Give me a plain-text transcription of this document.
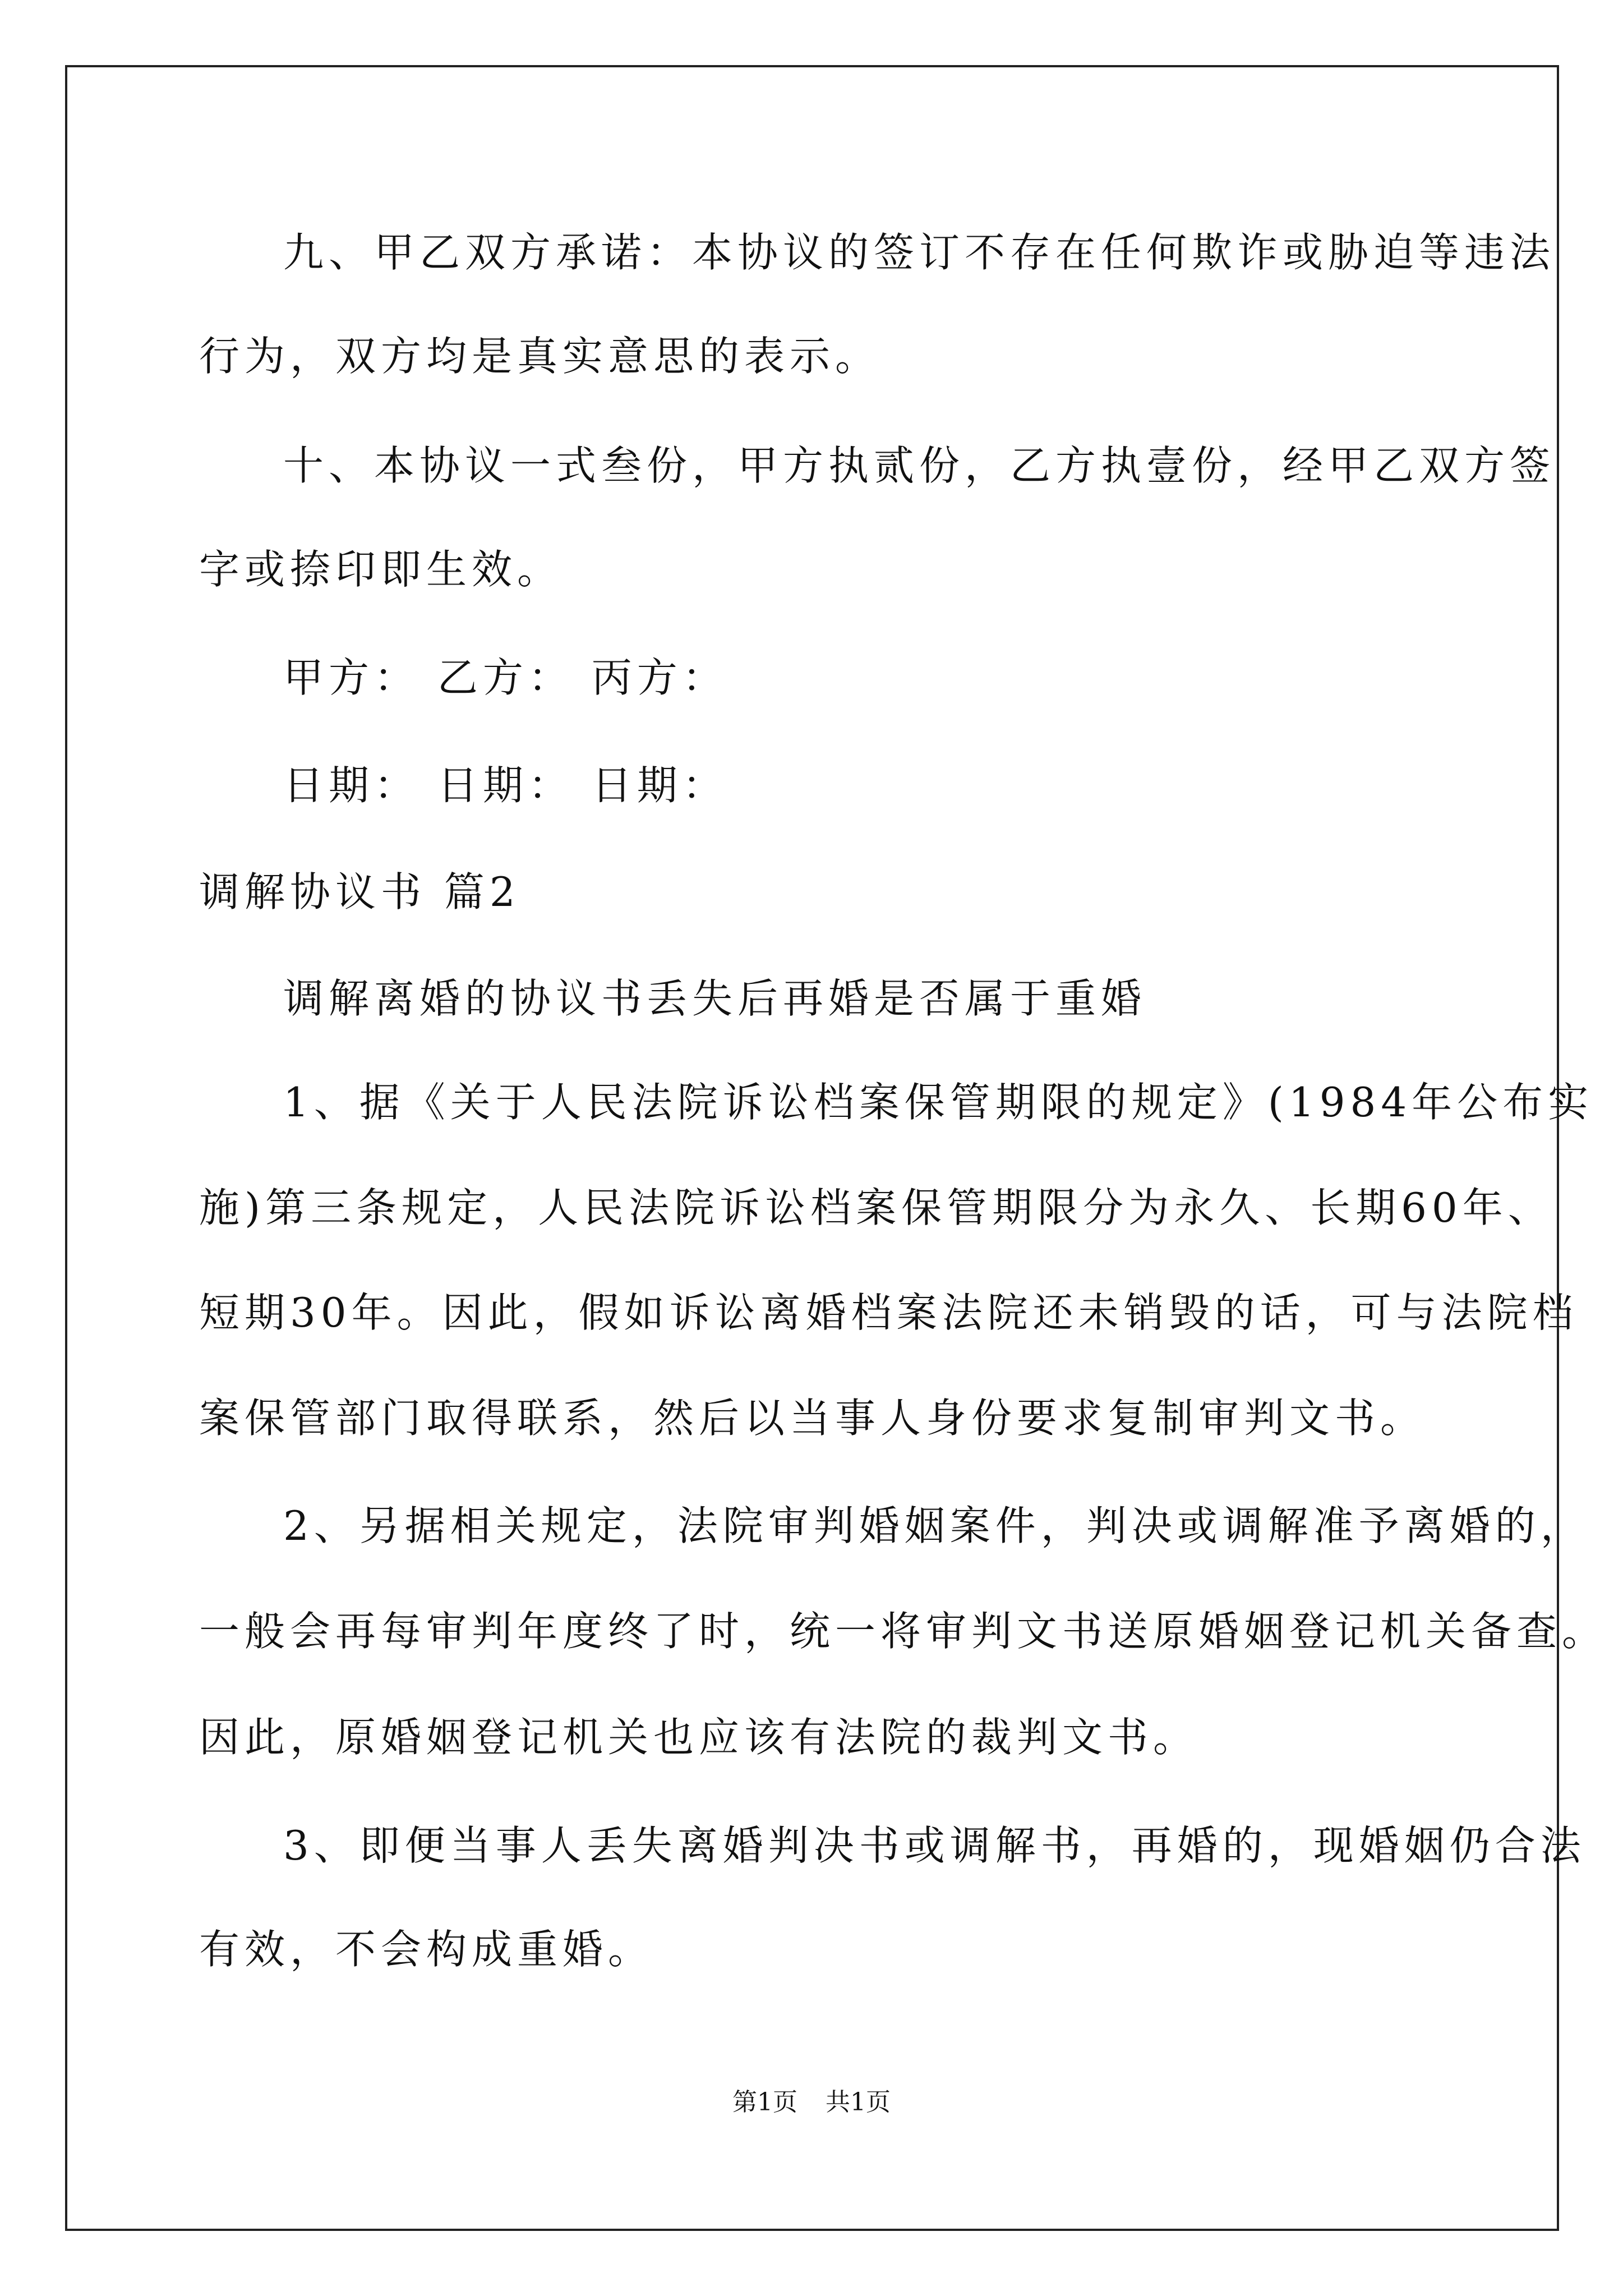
九、甲乙双方承诺：本协议的签订不存在任何欺诈或胁迫等违法
行为，双方均是真实意思的表示。
十、本协议一式叁份，甲方执贰份，乙方执壹份，经甲乙双方签
字或捺印即生效。
甲方： 乙方： 丙方：
日期： 日期： 日期：
调解协议书 篇2
调解离婚的协议书丢失后再婚是否属于重婚
1、据《关于人民法院诉讼档案保管期限的规定》(1984年公布实
施)第三条规定，人民法院诉讼档案保管期限分为永久、长期60年、
短期30年。因此，假如诉讼离婚档案法院还未销毁的话，可与法院档
案保管部门取得联系，然后以当事人身份要求复制审判文书。
2、另据相关规定，法院审判婚姻案件，判决或调解准予离婚的，
一般会再每审判年度终了时，统一将审判文书送原婚姻登记机关备查。
因此，原婚姻登记机关也应该有法院的裁判文书。
3、即便当事人丢失离婚判决书或调解书，再婚的，现婚姻仍合法
有效，不会构成重婚。
第1页 共1页
